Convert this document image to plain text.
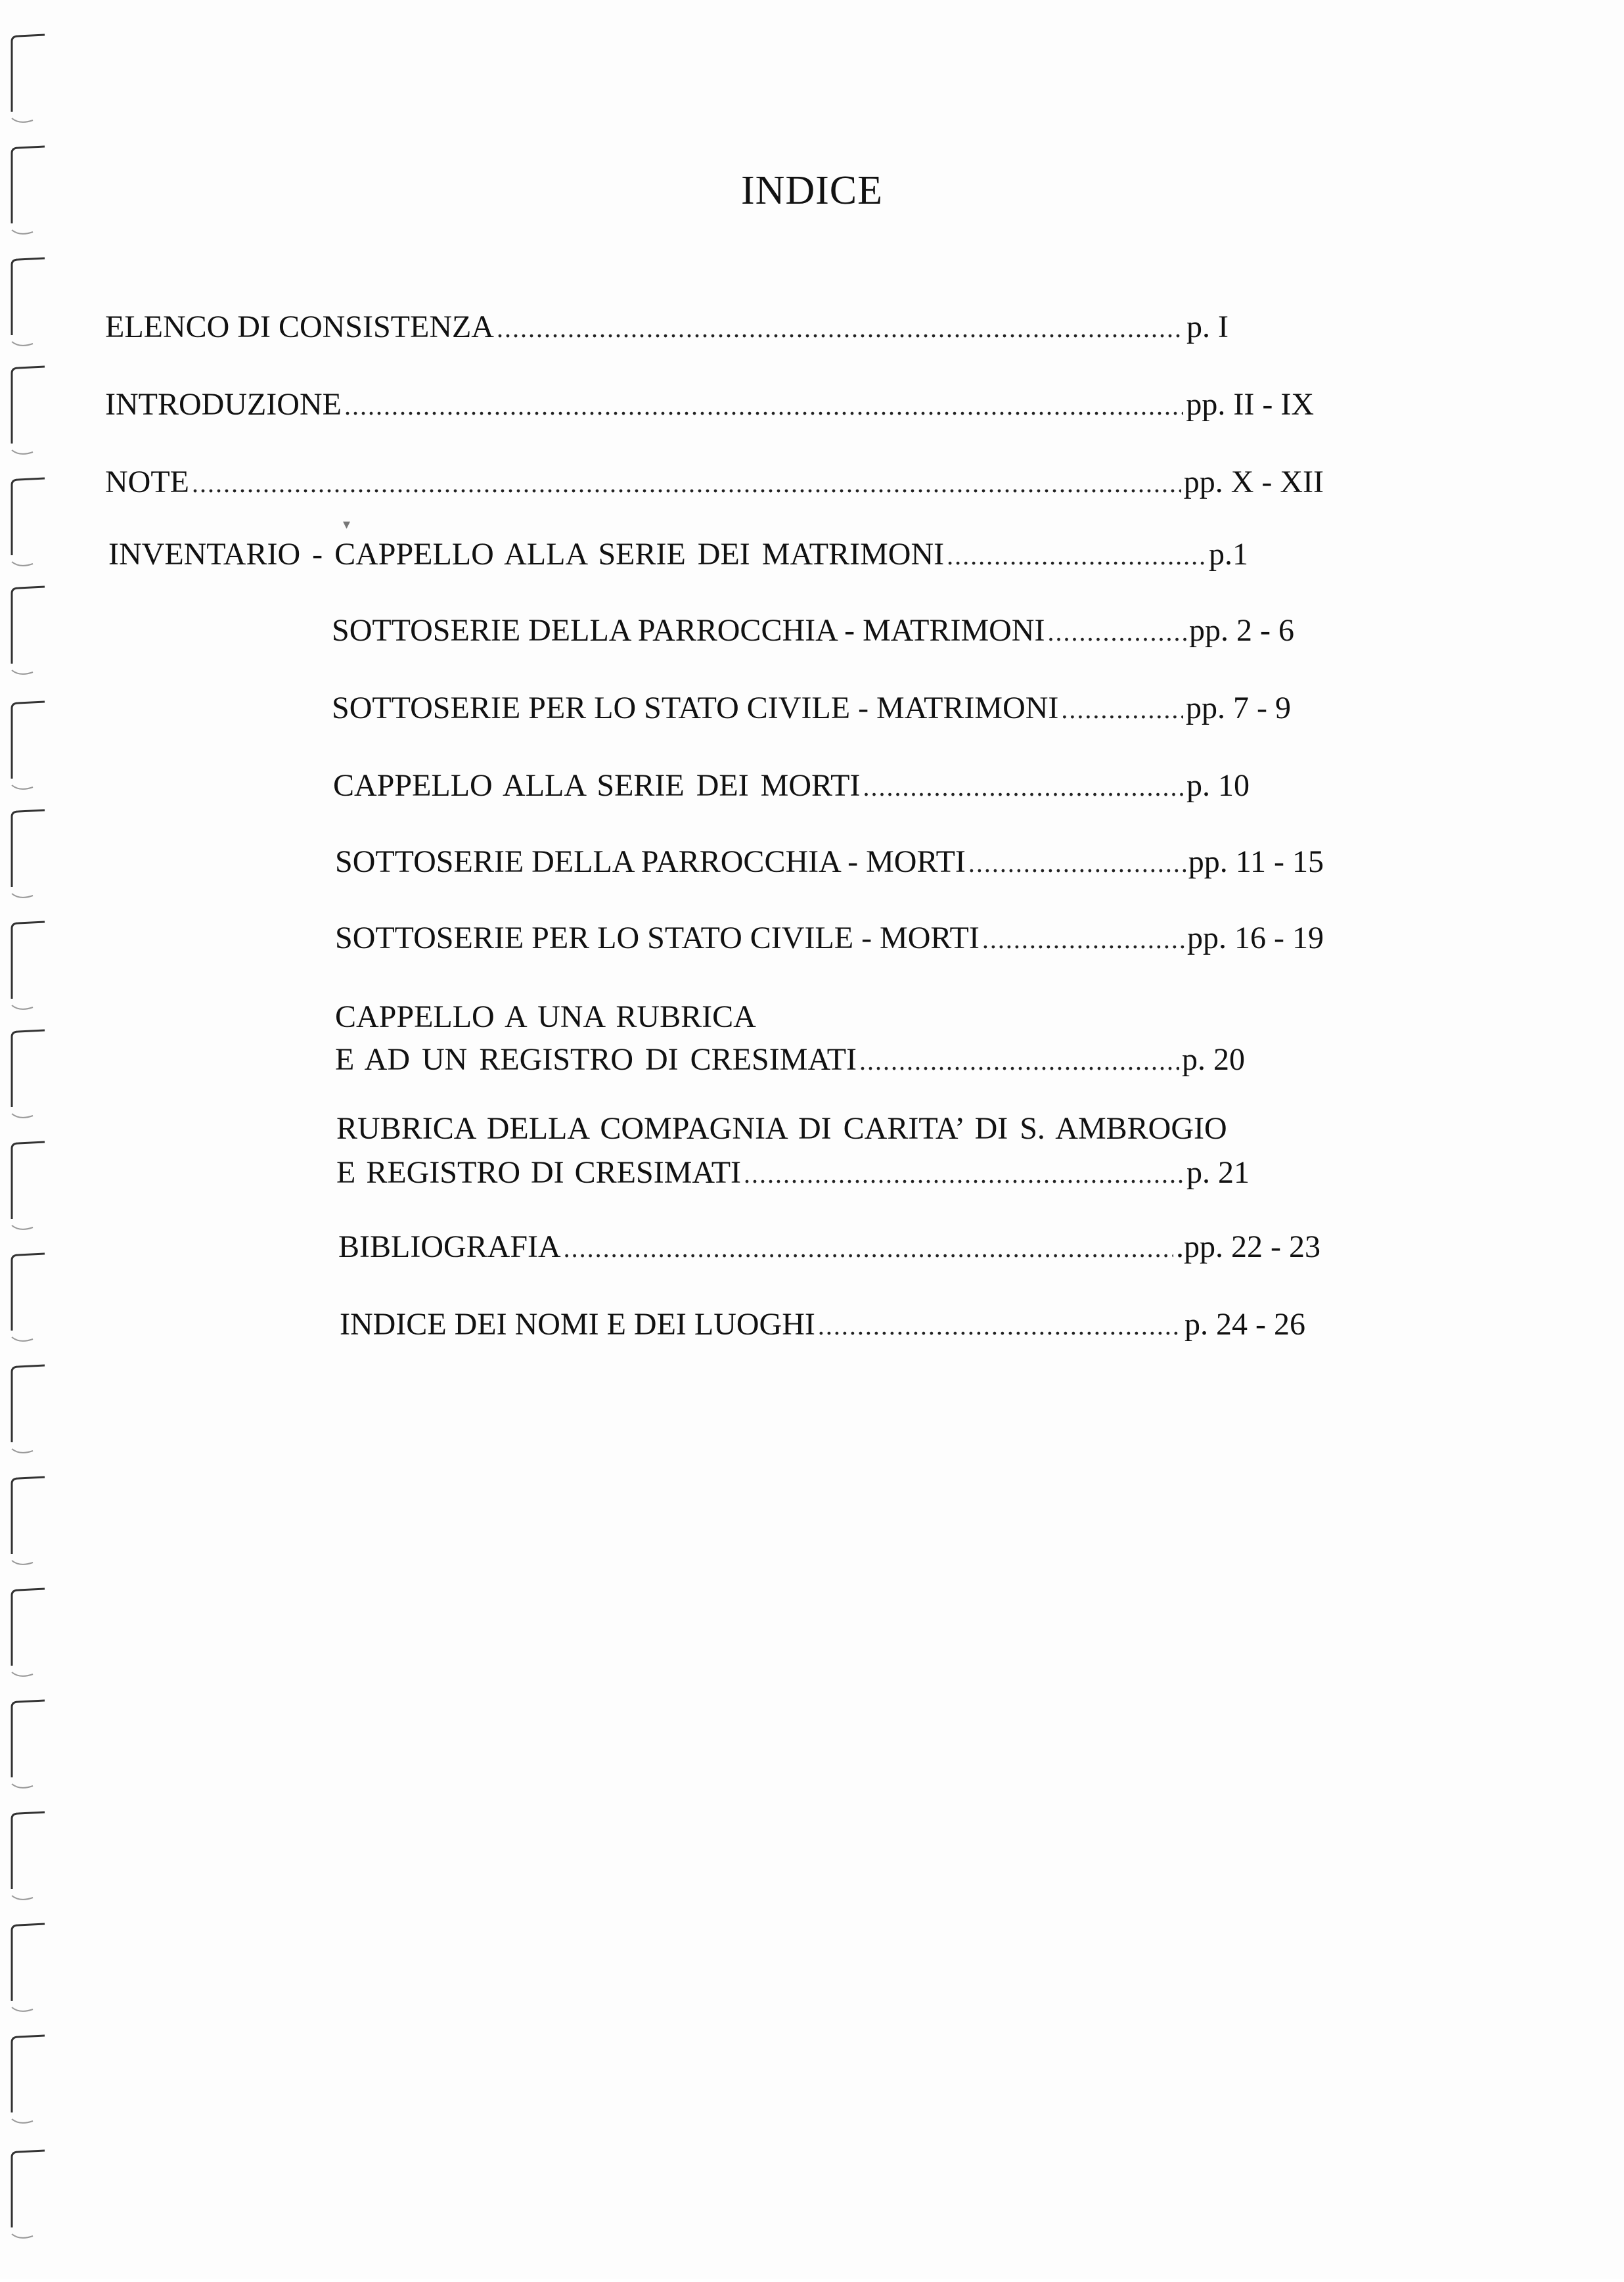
INDICE
ELENCO DI CONSISTENZA .....	p. I
INTRODUZIONE .....	pp. II - IX
NOTE .....	pp. X - XII
INVENTARIO - CAPPELLO ALLA SERIE DEI MATRIMONI .....	p.1
SOTTOSERIE DELLA PARROCCHIA - MATRIMONI .....	pp. 2 - 6
SOTTOSERIE PER LO STATO CIVILE - MATRIMONI .....	pp. 7 - 9
CAPPELLO ALLA SERIE DEI MORTI .....	p. 10
SOTTOSERIE DELLA PARROCCHIA - MORTI .....	pp. 11 - 15
SOTTOSERIE PER LO STATO CIVILE - MORTI .....	pp. 16 - 19
CAPPELLO A UNA RUBRICA
E AD UN REGISTRO DI CRESIMATI .....	p. 20
RUBRICA DELLA COMPAGNIA DI CARITA’ DI S. AMBROGIO
E REGISTRO DI CRESIMATI .....	p. 21
BIBLIOGRAFIA .....	.pp. 22 - 23
INDICE DEI NOMI E DEI LUOGHI .....	p. 24 - 26
▾
